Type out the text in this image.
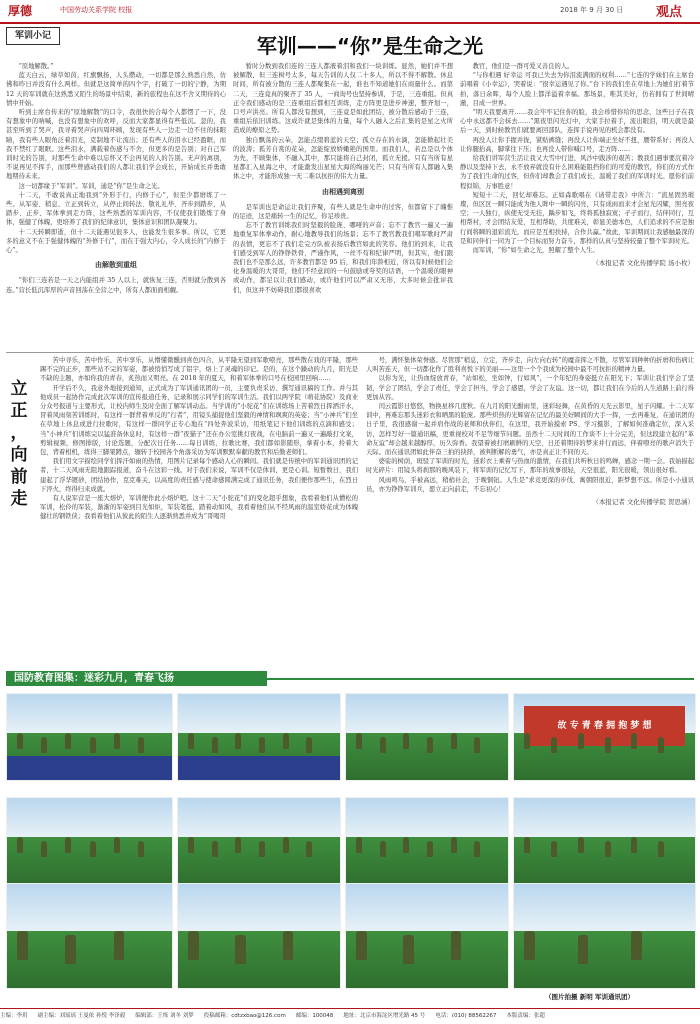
厚德	中国劳动关系学院 校报	2018 年 9 月 30 日	观点
军训小记	军训——“你”是生命之光

“原地解散。”

蓝天白云，绿草如茵，红旗飘扬，人头攒动，一切都是那么熟悉自然，仿佛和昨日并没有什么两样。但就是这简单的四个字，打破了一切的宁静，为期 12 天的军训就在这熟悉又陌生的场景中结束，新的旅程也在这不舍又期待的心情中开始。

听到主席台传来的“原地解散”的口令，我很快的合每个人都愣了一下，没有想象中的呐喊，也没有想象中的欢呼，反而大家都显得有些低沉。忽的，我甚至听到了哭声，我寻着哭声向四周环顾，发现有些人一边走一边不住的抹眼睛，我有些人眼角泛着泪光，克制地不让流出；还有些人的泪水已经盈眶，而我不禁红了眼眶。这些泪水，满载着伤感与不舍，但更多的是告别；对自己军训时光的告别，对那些生命中难以忘怀又不会再见的人的告别。无声的离别，不说再见不挥手，而那些曾感动我们的人都让我们学会成长，开始成长并勇敢地期待未来。

这一切都缘于“军训”。军训，通是“你”是生命之光。

十二天，不敢说真正地我到“外形于行，内修于心”，但至少都磨练了一些。从军姿、稍息、立正到转立，从停止间转法、敬礼礼毕、齐步到踏步，从踏步、正步、军体拳到走方阵，这些熟悉的军训内容，不仅使我们锻炼了身体，强健了体魄，更培养了我们的纪律意识，集体意识和团队凝聚力。

十二天转瞬即逝，但十二天能遇见很多人，也能发生很多事。所以，它更多的意义不在于强健体魄的“外修于行”，而在于强大内心，令人成长的“内修于心”。

由解散到重组

“你们三连若是一天之内能组并 35 人以上，就恢复三连，否则就分散到各连。”营长低沉浑厚的声音回荡在全营之中，所有人都面面相觑。

暂时分数到我们连的三连人都液着泪和我们一块训练。显然，她们并不想被解散，但三连树号太多，每天告训的人仅二十多人，所以不得不解散。休息时间，所有被分散的三连人都聚集在一起，谁也不知道她们在商量什么。而第二天，三连竟真的聚齐了 35 人，一商询号也坚持参训，于是，三连重组。但真正令我们感动的是三连重组后都相互训练，走方阵更是进步神速，整齐划一，口号声洪亮。所有人都没有想到，三连竟是如此团结，被分散后感动于三连，重组后依旧训练。这成许就是集体的力量，每个人融入之后汇集的是星之火所造成的燎原之势。

独自飘荡的云朵，怎能点缀碧蓝的天空；孤立存在的水滴，怎能掀起壮美的波涛；孤芳自赏的花朵，怎能绽放娇嫩艳的国里。而我们人，若总是以个体为先，不顾集体，不融入其中，那只能将自己封闭，孤立无援。只有当所有星星都汇入星海之中，才能激发出星星大海的绚丽光芒；只有当所有人都融入集体之中，才能形成独一无二难以抗拒的伟大力量。

由相遇到离别

是军训也是命运让我们齐聚，有些人就是生命中的过客，但都留下了魄惟的足迹，这是痛转一生的记忆，你足珍贵。

忘不了教官训练我们时坚毅的脸庞、哪哑的声音；忘不了教官一遍又一遍地重复军体拳动作，耐心地教导我们的场景；忘不了教官教我们唱军歌时严肃的表情，更忘不了我们走完方队被表扬后教官如此的笑容。他们的到来，让我们感受到军人的铮铮铁骨，严谨作风，一丝不苟和纪律严明，但其实，他们跟我们也不是那么远，许多教官都是 95 后，和我们年龄相近，所以有时候他们会化身温暖的大哥哥，他们不经意间的一句鼓励或夸奖的话语，一个温暖的眼神或动作，都足以让我们感动，或许他们可以严肃又无形，大多时候会批评我们，但这并不妨碍我们都很喜欢

教官，他们是一群可爱又善良的人。

“与你相遇 好幸运 可我已失去为你泪流满面的权利……”七连的学妹们在主席台前唱着《小幸运》，哭着说：“很幸运遇见了你。”台下的我们坐在草地上为她们打着节拍，落日余晖，每个人脸上都洋溢着幸福。那场景，唯其美好，仿若拥有了世间晴澈，目成一世界。

“明天我要离开……我会牢牢记住你的脸，我会珍惜你给的思念，这些日子在我心中永远都不会抹去……”黑夜里闪光灯中，大家手拉着手，流出眼泪，明天就是最后一天，到时候教官们就要离回部队，连挥手说再见的机会都没有。

再没人让你手握并拢，紧贴裤缝；再没人让你端正坐好不扭，腰带系好；再没人让你腿抬高，脚掌往下压；也再没人带你喊口号，走方阵……

给我们讲军营生活让我又大雪中行进，风沙中跋涉的艰苦；教我们遇事要沉着冷静以及坚持下去，永不放弃就没有什么困难能阻挡你们的可爱的教官，你们的方式作为了我们生命的过客，但你们却教会了我们成长，温暖了我们的军训时光。愿你们前程似锦，万事胜意！

短短十二天，回忆却难忘。正如森歌唱在《请带走我》中所言：“流星固然璀璨，但区区一瞬只能成为他人眸中一瞬的闪亮，只有成雨而来才会星光闪耀，照亮夜空；一人独行，纵使无受无挂，踽步如飞，终将孤独寂寞；孑孑而行，结伴同行，互相帮衬，才会团结友爱，互相帮助，共度难关，彰显美德本色，人们追求的不应是独行间将瞬的退彩流光，而应是互相扶持，合作共赢。”故此，军训期间让我感触最深的是和同伴们一同为了一个目标而努力奋斗，那样的认真与坚持较量了整个军训时光。

而军训，“你”如生命之光，照耀了整个人生。

（本报记者 文化传播学院 汤小枚）
立
正
，
向
前
走

苦中寻乐，苦中作乐，苦中享乐，从懵懂微醺到喜色四合，从平隆无望到军歌嘹亮，那些散在戏的平隆，那些踢不完的正步，那些站不完的军姿，都被悄悄写成了铝字，烙上了灵魂的印记。是的，在这个躁动的九月，阳光是不缺的主题，亦如你我的青春，炙热而又明亮。在 2018 年的夏天，和着军体拳的口号在校园里回响……

开学后不久，我意外地接到通知，正式成为了军训通讯团的一员，主要负责采访、撰写通讯稿的工作。并与其他成员一起协作完成此次军训的宣传报道任务，记录和展示同学们的军训生活。我们以两学院（萌花协院）及商业分众号报道与主要形式，让校内师生及时全面了解军训动态。当学训的“小驼花”们在训练场上苦着烈日挥洒汗水，冒着风雨刻苦训练时，有这样一群背着单反的“行者”，用镜头捕捉他们坚毅的神情和飒爽的英姿；当“小神兵”们坐在草地上休息或进行拉歌时，有这样一群同学正专心地在“四处奔波采访，用纸笔记下他们训练的点滴和感受；当“小神兵”们训练完以猛准备休息时，有这样一群“夜猫子”还在办公室挑灯夜战，在电脑前一遍又一遍敲打文案，剪辑视频，修图排版，讨论选题，分配次日任务……每日训练，拉歌比赛，我们都如影随形，拿着小本，拎着大包，背着相机，练得三脚架蹲点，辗转于校园各个角落采访为军训默默奉献的教官和后勤老师们。

我们用文字描绘同学们挥汗如雨的热情，用图片记录每个感动人心的瞬间。我们就是传统中的军训通讯团的记者，十二天风雨无阻地跟踪报道，奋斗在这彩一线。对于我们来说，军训不仅是体训，更是心训。短暂数日，我们建起了浮华镀砂，团结协作，克克难关，以高度的责任感与使命感圆满完成了通讯任务，我们便作那些生，在烈日下淬火，终得归来成就。

有人说军营是一座大熔炉，军训便作此小熔炉吧。这十二天“小驼花”们的变化超乎想象，我看着他们从懵松的军训，松伶的军装，渐渐的军姿到目光如炬，军装笔挺，踏着动如风，我看着他们从不经风雨的温室娇花成为体魄健壮的钢铁侠；我看着他们从彼此的陌生人逐渐熟悉并成为“哥喝哥

号，满怀集体荣誉感。尽管那“稍息，立定，齐步走，向左向右转”的魔音挥之不散，尽管军训种种的折磨和伤病让人叫苦连天，但一切都化作了胜利喜悦下的美丽——这里一个个我成为校园中最不可抗拒的精神力量。

以你为光，让热血绽放青春，“站如松，坐如钟，行如风”，一个年纪的身姿挺立在阳光下；军训让我们学会了坚韧，学会了团结，学会了责任，学会了担当，学会了感恩，学会了友谊。这一切，都让我们在今后的人生道路上前行得更加从容。

闰云霞影日悠悠，物换星移几度秋。在九月的阳光酣雨里，迷彩轻舞，在黄昏的天光云影里，星子闪耀。十二天军训中，再难忘那头迷彩衣和晒黑的脸庞。那些炽热的光辉留在记忆的最美好瞬间的大手一挥，一去再难复，在通讯团的日子里，我很感谢一起并肩作战的老师和伙伴们，在这里，我开始摸索 PS、学习摄影，了解如何准确定位，深入采访，怎样写好一篇通讯稿，更重视校对不足等细节问题。虽然十二天时间的工作谈不上十分完美，但这段建立起的“革命友谊”却会越来越醇厚，历久弥香。我望着被打磨刷鲜的天空，日还着期待的梦来并行而远，伴着嘹亮的歌声消失于天际。而在通讯团如此伴奋三拍的抉择，被判断解的勇气，亦是真正让不同的天。

婆娑的树荫，斑驳了军训的时光，迷彩衣上乘着与热血的激情，在我们共听秋日的鸣蝉，感念一期一会。我始描起时光碎片：用镜头将刹那的晚风装下，将军训的记忆写下，那年的故事很轻，天空很蓝，阳光很暖，领出很好看。

风雨鸣鸟，乎被高远，稍梢社会，于晚铜钮。人生是“求竞更深的步伐，寓朝阳很近，距梦想不远。所是小小通讯员，亦为铮铮军训兵，愿立正向前走，不忘初心！

（本报记者 文化传播学院 贺思涵）
国防教育图集：迷彩九月，青春飞扬
故 专 青 春 拥 抱 梦 想
（图片拍摄 新明 军训通讯团）
主编：李玥 副主编：刘瑶瑶 王曼依 孙悦 李泽毅 编辑部：王烁 刘冬 刘梦 投稿邮箱：cdtzxbao@126.com 邮编：100048 地址：北京市海淀区增光路 45 号 电话：(010) 88562267 本版责编：张超
